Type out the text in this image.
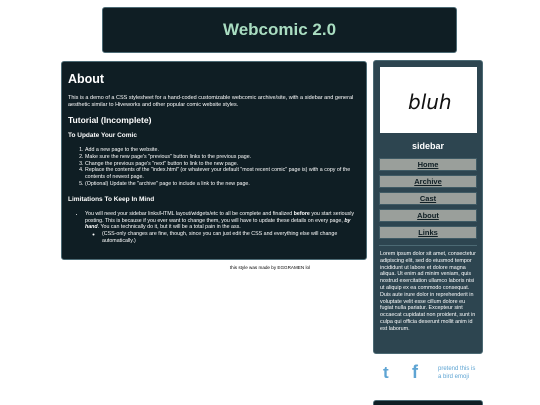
Webcomic 2.0
About

This is a demo of a CSS stylesheet for a hand-coded customizable webcomic archive/site, with a sidebar and general aesthetic similar to Hiveworks and other popular comic website styles.

Tutorial (Incomplete)
To Update Your Comic
1. Add a new page to the website.
2. Make sure the new page's "previous" button links to the previous page.
3. Change the previous page's "next" button to link to the new page.
4. Replace the contents of the "index.html" (or whatever your default "most recent comic" page is) with a copy of the contents of newest page.
5. (Optional) Update the "archive" page to include a link to the new page.
Limitations To Keep In Mind
• You will need your sidebar links/HTML layout/widgets/etc to all be complete and finalized before you start seriously posting. This is because if you ever want to change them, you will have to update these details on every page, by hand. You can technically do it, but it will be a total pain in the ass.
◦ (CSS-only changes are fine, though, since you can just edit the CSS and everything else will change automatically.)
this style was made by EGGRAMEN lol
bluh
sidebar
Home
Archive
Cast
About
Links
Lorem ipsum dolor sit amet, consectetur adipiscing elit, sed do eiusmod tempor incididunt ut labore et dolore magna aliqua. Ut enim ad minim veniam, quis nostrud exercitation ullamco laboris nisi ut aliquip ex ea commodo consequat. Duis aute irure dolor in reprehenderit in voluptate velit esse cillum dolore eu fugiat nulla pariatur. Excepteur sint occaecat cupidatat non proident, sunt in culpa qui officia deserunt mollit anim id est laborum.
t	f	pretend this is a bird emoji
